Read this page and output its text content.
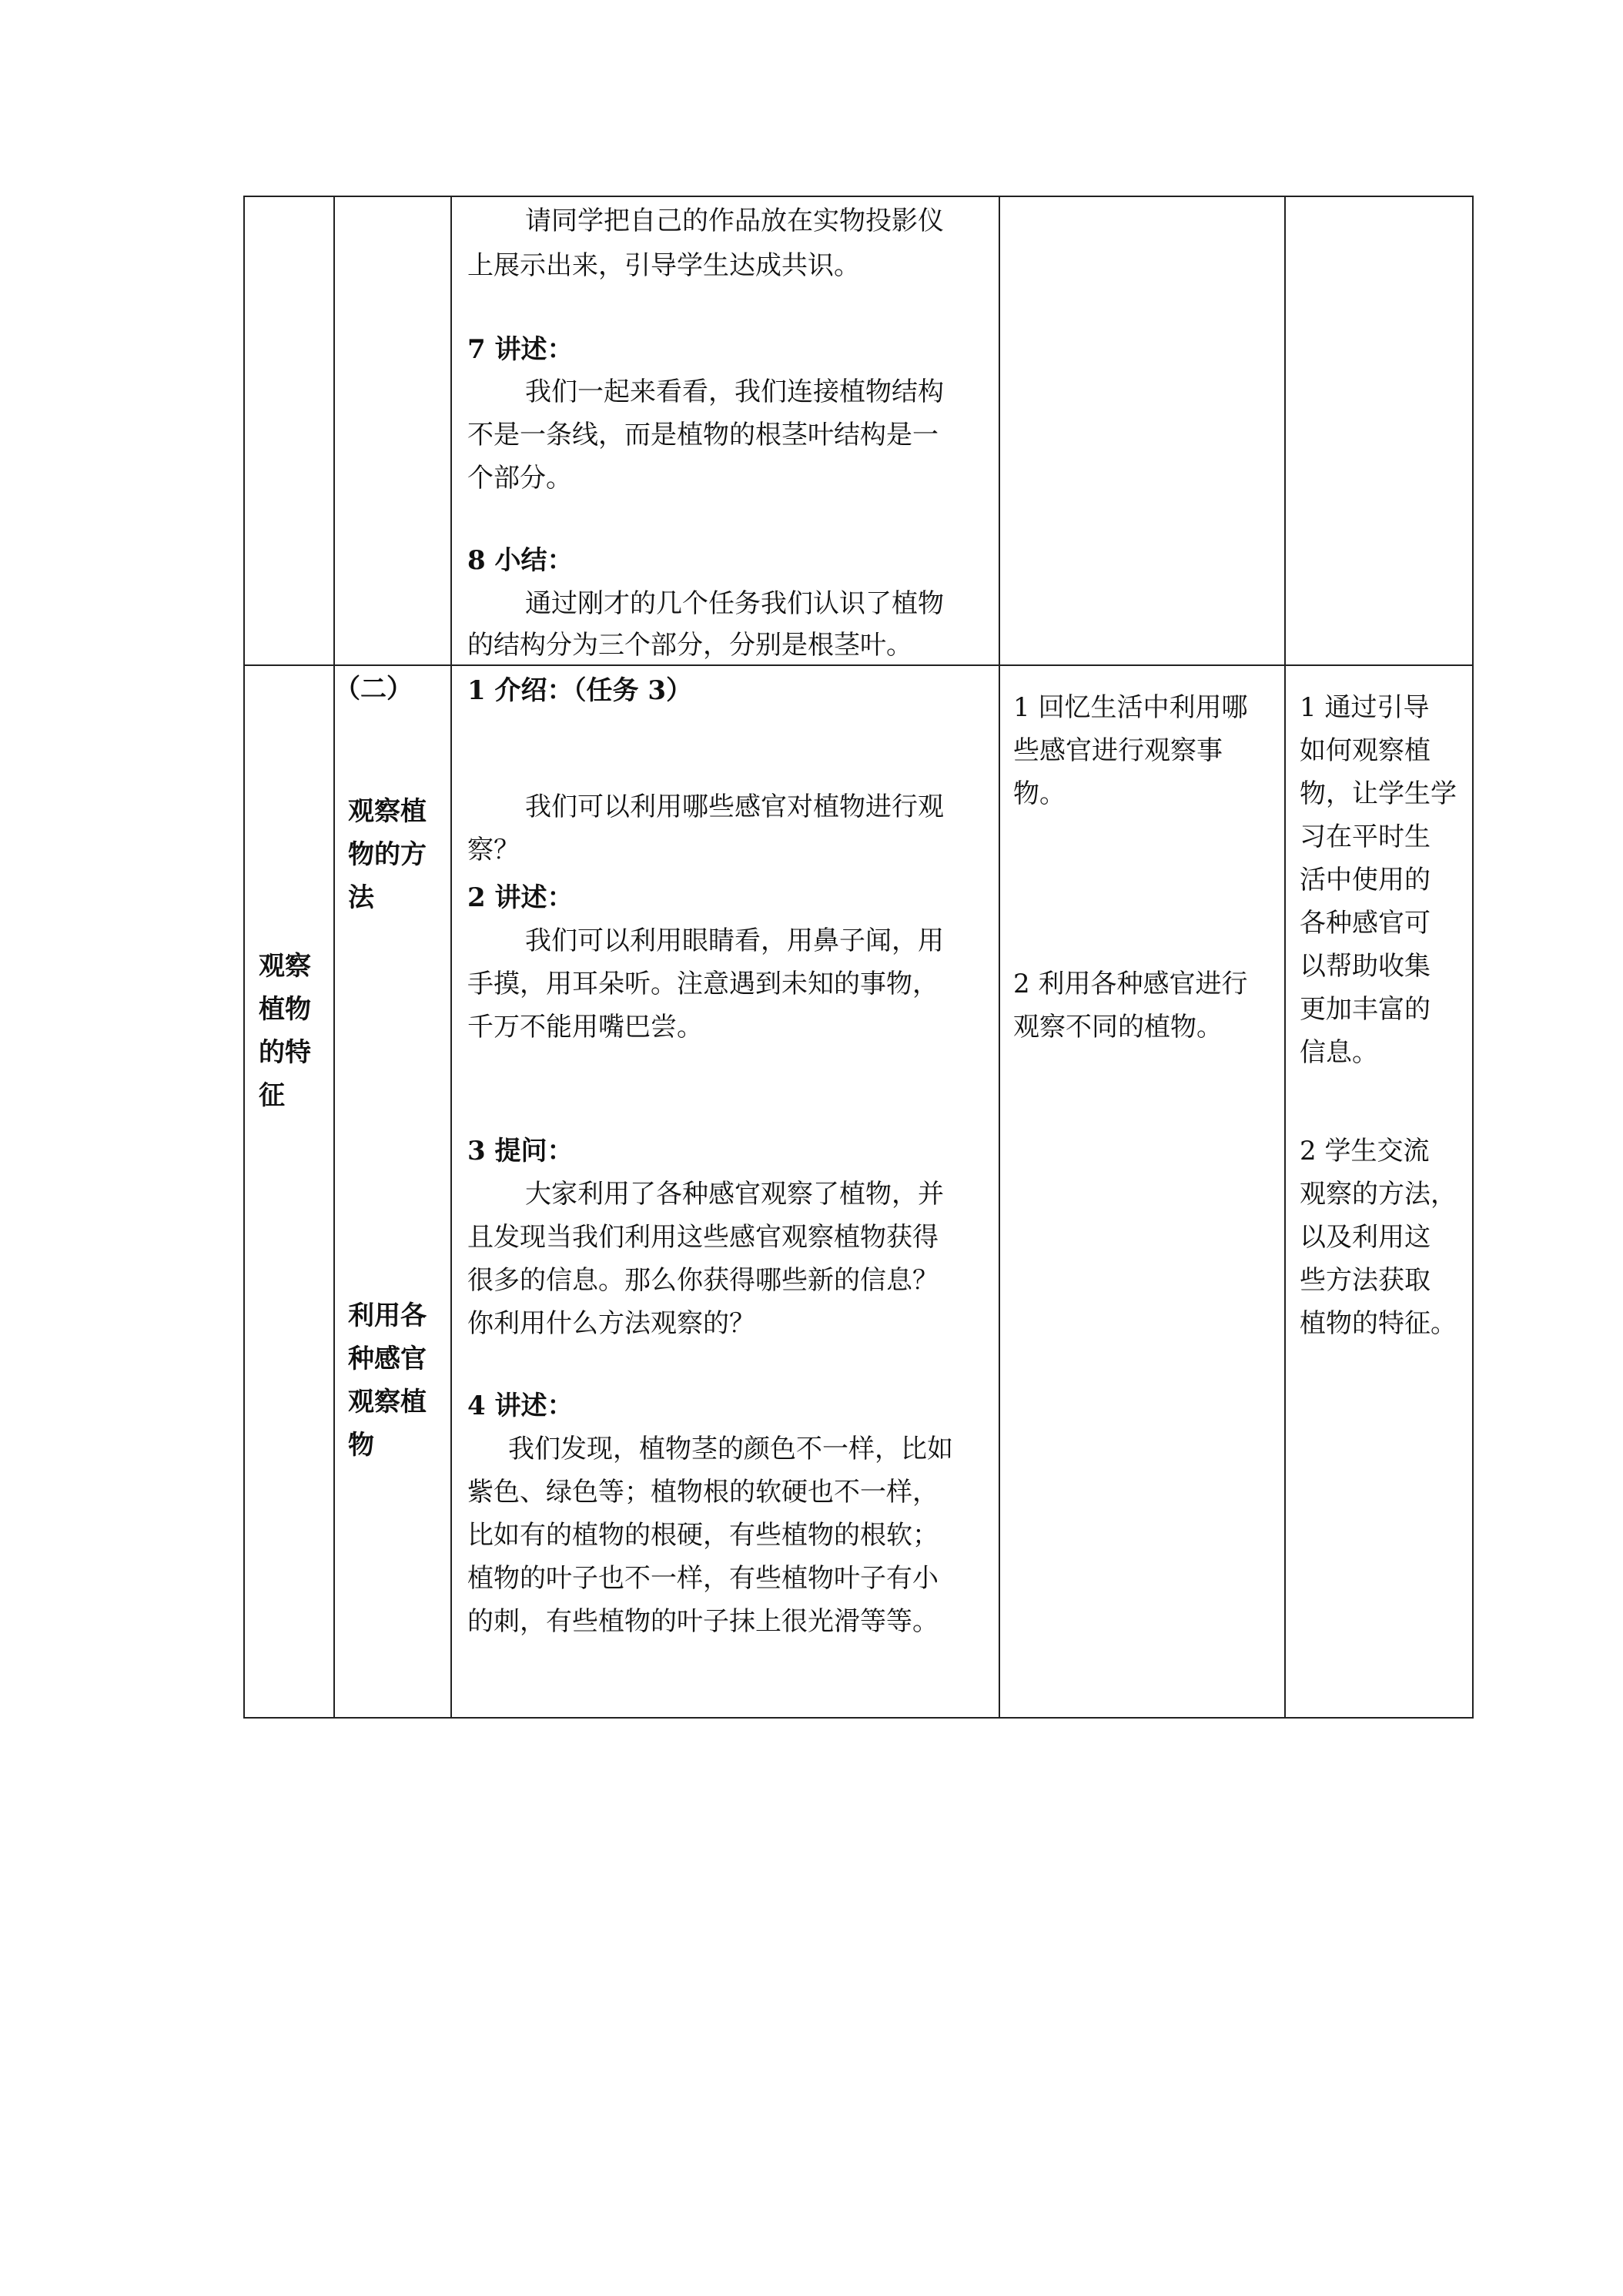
请同学把自己的作品放在实物投影仪
上展示出来，引导学生达成共识。
7 讲述：
我们一起来看看，我们连接植物结构
不是一条线，而是植物的根茎叶结构是一
个部分。
8 小结：
通过刚才的几个任务我们认识了植物
的结构分为三个部分，分别是根茎叶。
观察
植物
的特
征
（二）
观察植
物的方
法
利用各
种感官
观察植
物
1 介绍：（任务 3）
我们可以利用哪些感官对植物进行观
察？
2 讲述：
我们可以利用眼睛看，用鼻子闻，用
手摸，用耳朵听。注意遇到未知的事物，
千万不能用嘴巴尝。
3 提问：
大家利用了各种感官观察了植物，并
且发现当我们利用这些感官观察植物获得
很多的信息。那么你获得哪些新的信息？
你利用什么方法观察的？
4 讲述：
我们发现，植物茎的颜色不一样，比如
紫色、绿色等；植物根的软硬也不一样，
比如有的植物的根硬，有些植物的根软；
植物的叶子也不一样，有些植物叶子有小
的刺，有些植物的叶子抹上很光滑等等。
1 回忆生活中利用哪
些感官进行观察事
物。
2 利用各种感官进行
观察不同的植物。
1 通过引导
如何观察植
物，让学生学
习在平时生
活中使用的
各种感官可
以帮助收集
更加丰富的
信息。
2 学生交流
观察的方法，
以及利用这
些方法获取
植物的特征。
